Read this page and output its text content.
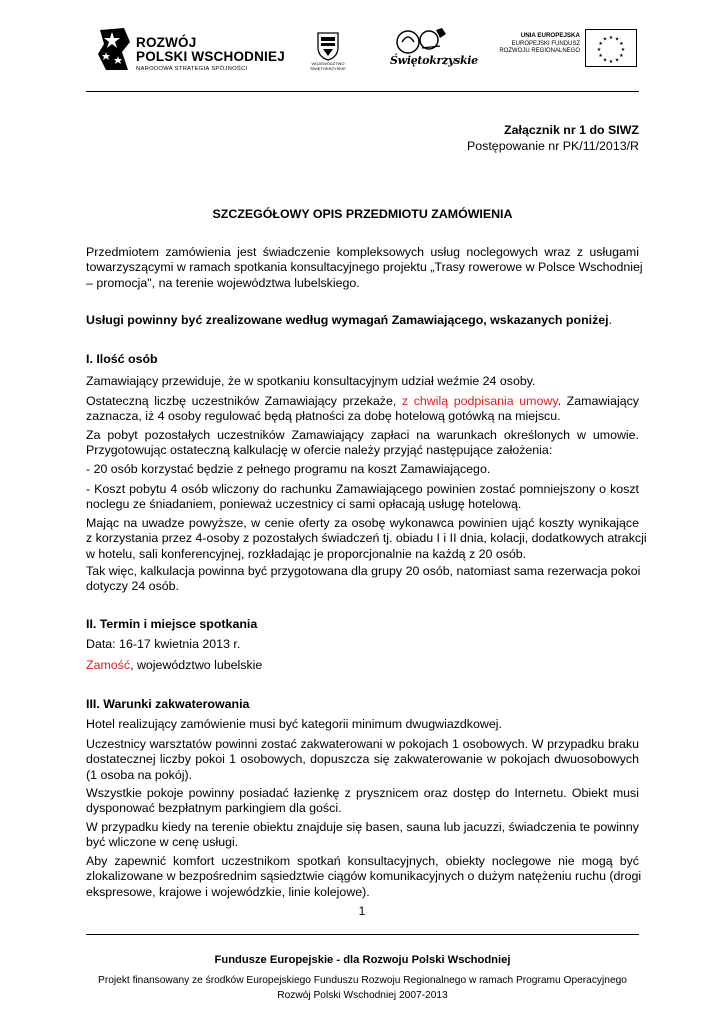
ROZWÓJ
POLSKI WSCHODNIEJ
NARODOWA STRATEGIA SPÓJNOŚCI
WOJEWÓDZTWO
ŚWIĘTOKRZYSKIE
Świętokrzyskie
UNIA EUROPEJSKA
EUROPEJSKI FUNDUSZ
ROZWOJU REGIONALNEGO
★ ★
★
★
★
★
★
★
★
★
★
★
Załącznik nr 1 do SIWZ
Postępowanie nr PK/11/2013/R
SZCZEGÓŁOWY OPIS PRZEDMIOTU ZAMÓWIENIA
Przedmiotem zamówienia jest świadczenie kompleksowych usług noclegowych wraz z usługami
towarzyszącymi w ramach spotkania konsultacyjnego projektu „Trasy rowerowe w Polsce Wschodniej
– promocja", na terenie województwa lubelskiego.
Usługi powinny być zrealizowane według wymagań Zamawiającego, wskazanych poniżej.
I. Ilość osób
Zamawiający przewiduje, że w spotkaniu konsultacyjnym udział weźmie 24 osoby.
Ostateczną liczbę uczestników Zamawiający przekaże, z chwilą podpisania umowy. Zamawiający
zaznacza, iż 4 osoby regulować będą płatności za dobę hotelową gotówką na miejscu.
Za pobyt pozostałych uczestników Zamawiający zapłaci na warunkach określonych w umowie.
Przygotowując ostateczną kalkulację w ofercie należy przyjąć następujące założenia:
- 20 osób korzystać będzie z pełnego programu na koszt Zamawiającego.
- Koszt pobytu 4 osób wliczony do rachunku Zamawiającego powinien zostać pomniejszony o koszt
noclegu ze śniadaniem, ponieważ uczestnicy ci sami opłacają usługę hotelową.
Mając na uwadze powyższe, w cenie oferty za osobę wykonawca powinien ująć koszty wynikające
z korzystania przez 4-osoby z pozostałych świadczeń tj. obiadu I i II dnia, kolacji, dodatkowych atrakcji
w hotelu, sali konferencyjnej, rozkładając je proporcjonalnie na każdą z 20 osób.
Tak więc, kalkulacja powinna być przygotowana dla grupy 20 osób, natomiast sama rezerwacja pokoi
dotyczy 24 osób.
II. Termin i miejsce spotkania
Data: 16-17 kwietnia 2013 r.
Zamość, województwo lubelskie
III. Warunki zakwaterowania
Hotel realizujący zamówienie musi być kategorii minimum dwugwiazdkowej.
Uczestnicy warsztatów powinni zostać zakwaterowani w pokojach 1 osobowych. W przypadku braku
dostatecznej liczby pokoi 1 osobowych, dopuszcza się zakwaterowanie w pokojach dwuosobowych
(1 osoba na pokój).
Wszystkie pokoje powinny posiadać łazienkę z prysznicem oraz dostęp do Internetu. Obiekt musi
dysponować bezpłatnym parkingiem dla gości.
W przypadku kiedy na terenie obiektu znajduje się basen, sauna lub jacuzzi, świadczenia te powinny
być wliczone w cenę usługi.
Aby zapewnić komfort uczestnikom spotkań konsultacyjnych, obiekty noclegowe nie mogą być
zlokalizowane w bezpośrednim sąsiedztwie ciągów komunikacyjnych o dużym natężeniu ruchu (drogi
ekspresowe, krajowe i wojewódzkie, linie kolejowe).
1
Fundusze Europejskie - dla Rozwoju Polski Wschodniej
Projekt finansowany ze środków Europejskiego Funduszu Rozwoju Regionalnego w ramach Programu Operacyjnego
Rozwój Polski Wschodniej 2007-2013
